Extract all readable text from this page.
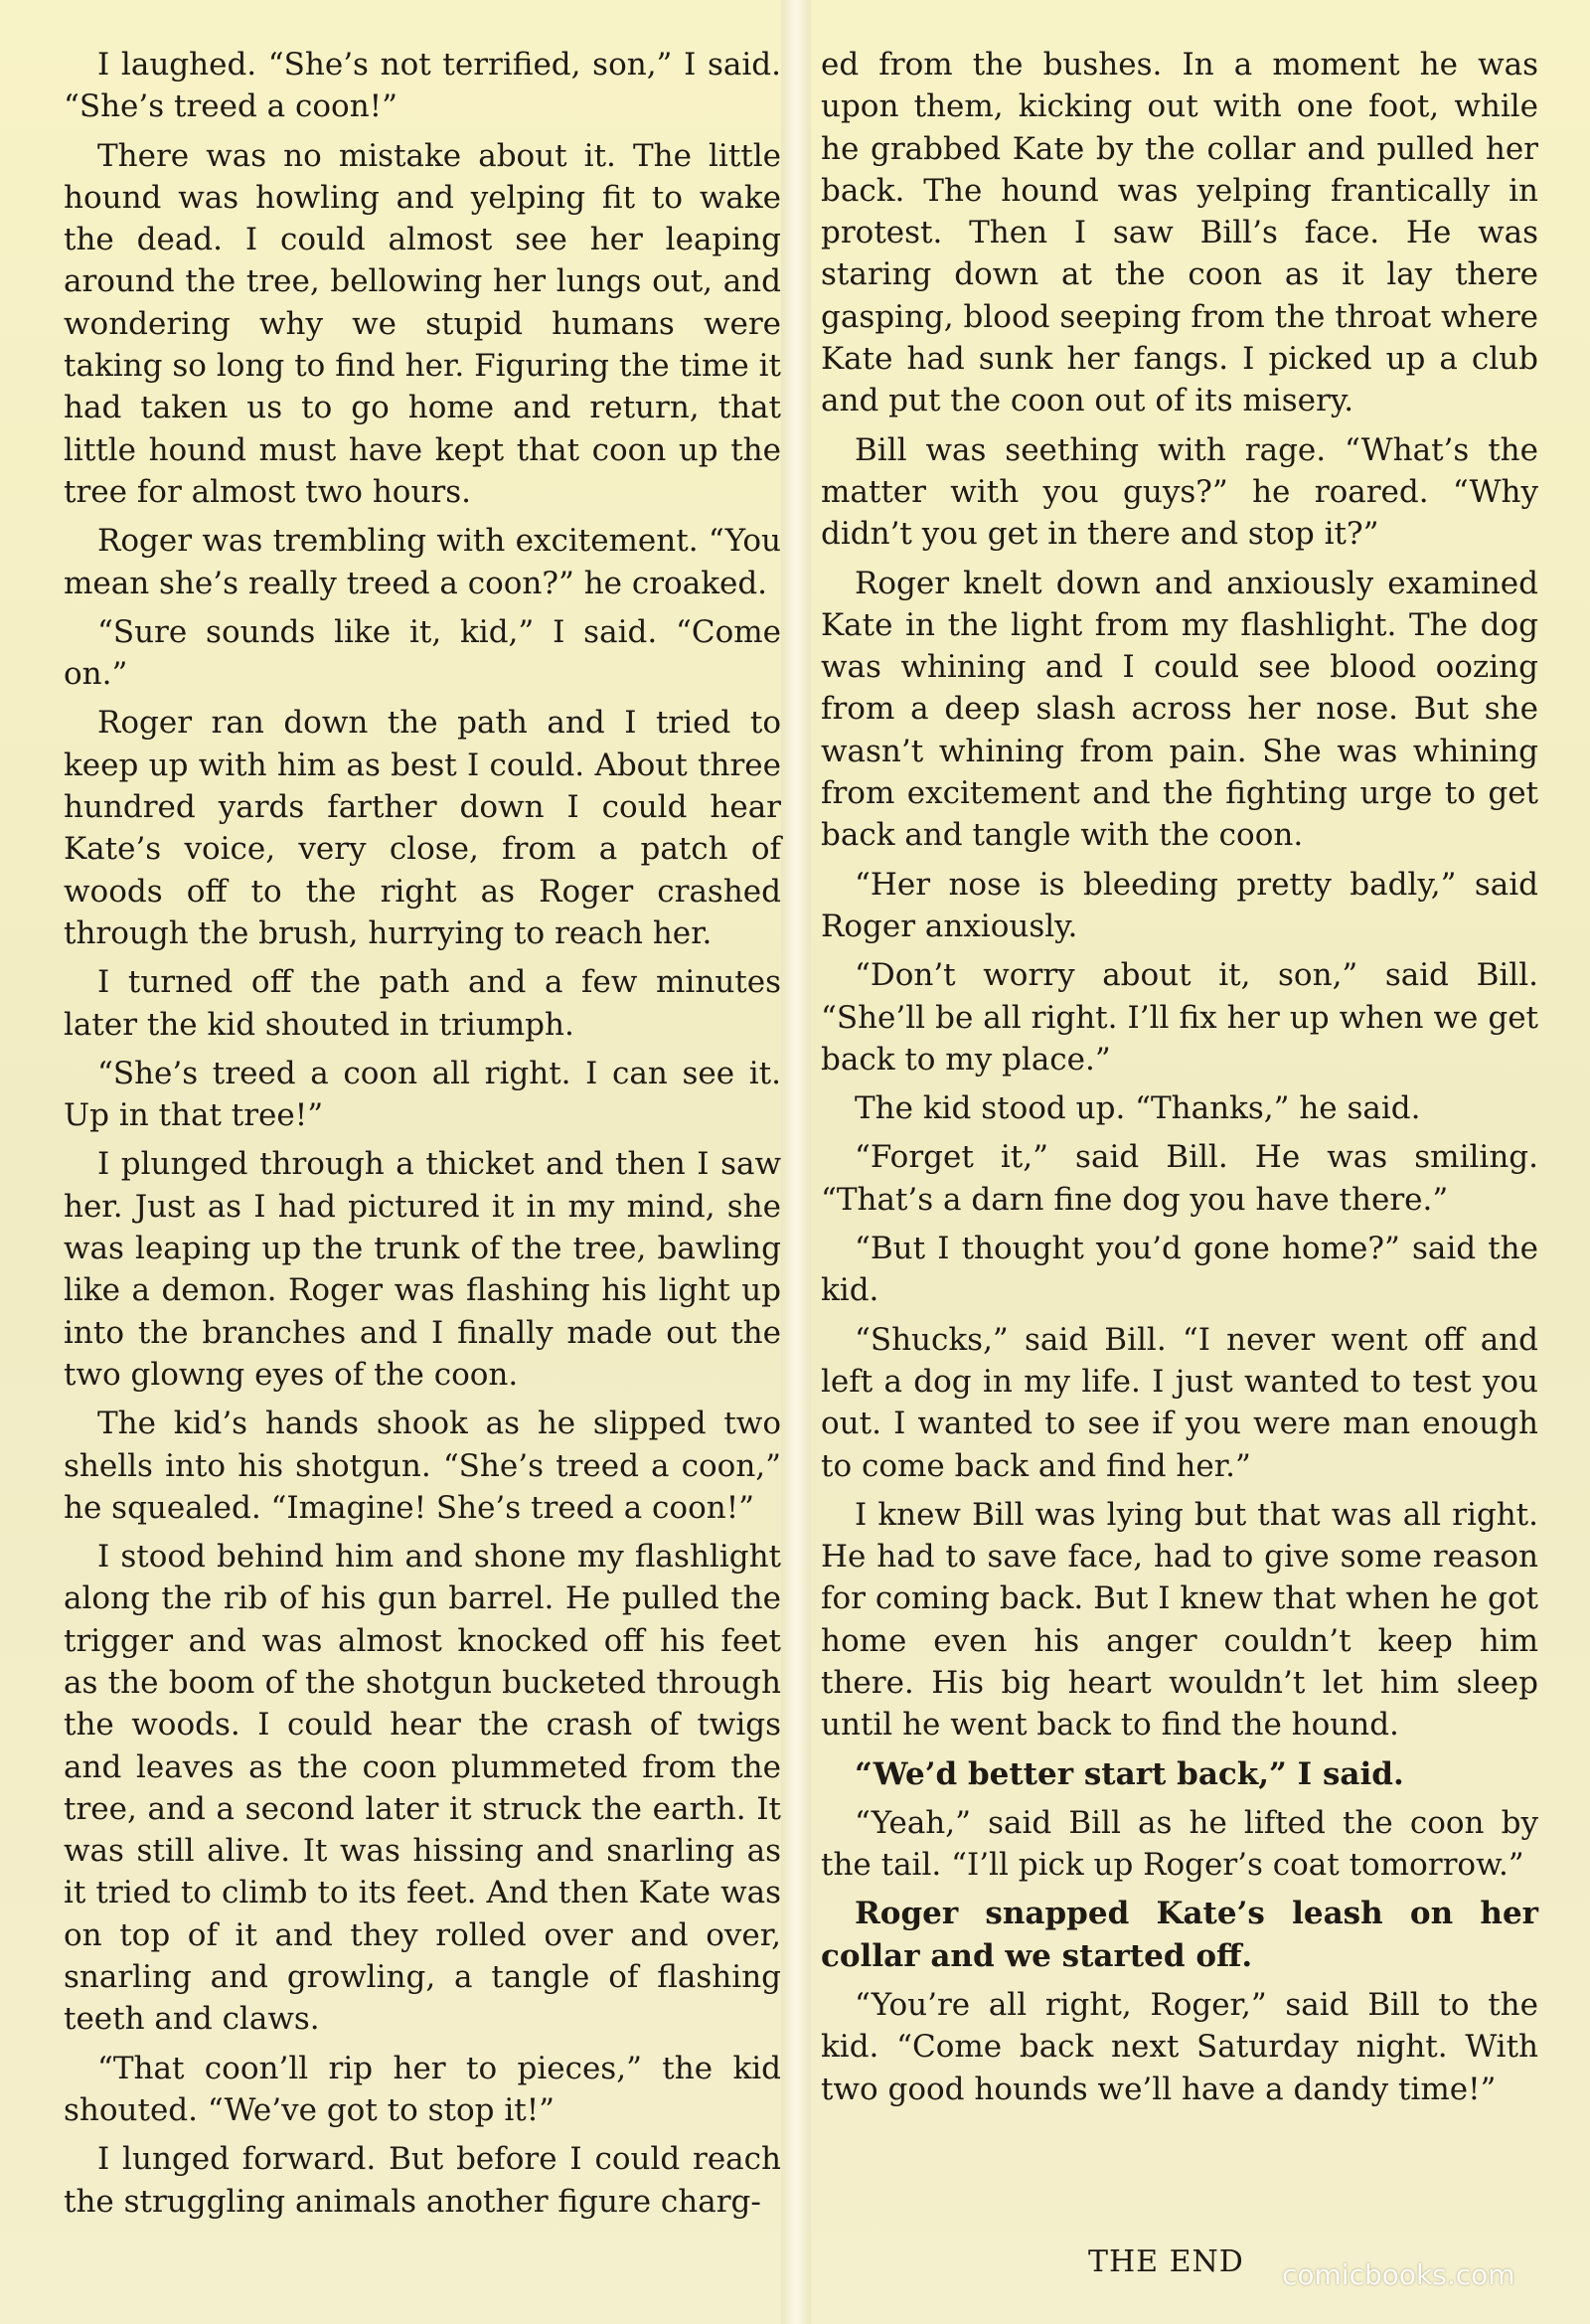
I laughed. “She’s not terrified, son,” I said. “She’s treed a coon!”

There was no mistake about it. The little hound was howling and yelping fit to wake the dead. I could almost see her leaping around the tree, bellowing her lungs out, and wondering why we stupid humans were taking so long to find her. Figuring the time it had taken us to go home and return, that little hound must have kept that coon up the tree for almost two hours.

Roger was trembling with excitement. “You mean she’s really treed a coon?” he croaked.

“Sure sounds like it, kid,” I said. “Come on.”

Roger ran down the path and I tried to keep up with him as best I could. About three hundred yards farther down I could hear Kate’s voice, very close, from a patch of woods off to the right as Roger crashed through the brush, hurrying to reach her.

I turned off the path and a few minutes later the kid shouted in triumph.

“She’s treed a coon all right. I can see it. Up in that tree!”

I plunged through a thicket and then I saw her. Just as I had pictured it in my mind, she was leaping up the trunk of the tree, bawling like a demon. Roger was flashing his light up into the branches and I finally made out the two glowng eyes of the coon.

The kid’s hands shook as he slipped two shells into his shotgun. “She’s treed a coon,” he squealed. “Imagine! She’s treed a coon!”

I stood behind him and shone my flashlight along the rib of his gun barrel. He pulled the trigger and was almost knocked off his feet as the boom of the shotgun bucketed through the woods. I could hear the crash of twigs and leaves as the coon plummeted from the tree, and a second later it struck the earth. It was still alive. It was hissing and snarling as it tried to climb to its feet. And then Kate was on top of it and they rolled over and over, snarling and growling, a tangle of flashing teeth and claws.

“That coon’ll rip her to pieces,” the kid shouted. “We’ve got to stop it!”

I lunged forward. But before I could reach the struggling animals another figure charg-

ed from the bushes. In a moment he was upon them, kicking out with one foot, while he grabbed Kate by the collar and pulled her back. The hound was yelping frantically in protest. Then I saw Bill’s face. He was staring down at the coon as it lay there gasping, blood seeping from the throat where Kate had sunk her fangs. I picked up a club and put the coon out of its misery.

Bill was seething with rage. “What’s the matter with you guys?” he roared. “Why didn’t you get in there and stop it?”

Roger knelt down and anxiously examined Kate in the light from my flashlight. The dog was whining and I could see blood oozing from a deep slash across her nose. But she wasn’t whining from pain. She was whining from excitement and the fighting urge to get back and tangle with the coon.

“Her nose is bleeding pretty badly,” said Roger anxiously.

“Don’t worry about it, son,” said Bill. “She’ll be all right. I’ll fix her up when we get back to my place.”

The kid stood up. “Thanks,” he said.

“Forget it,” said Bill. He was smiling. “That’s a darn fine dog you have there.”

“But I thought you’d gone home?” said the kid.

“Shucks,” said Bill. “I never went off and left a dog in my life. I just wanted to test you out. I wanted to see if you were man enough to come back and find her.”

I knew Bill was lying but that was all right. He had to save face, had to give some reason for coming back. But I knew that when he got home even his anger couldn’t keep him there. His big heart wouldn’t let him sleep until he went back to find the hound.

“We’d better start back,” I said.

“Yeah,” said Bill as he lifted the coon by the tail. “I’ll pick up Roger’s coat tomorrow.”

Roger snapped Kate’s leash on her collar and we started off.

“You’re all right, Roger,” said Bill to the kid. “Come back next Saturday night. With two good hounds we’ll have a dandy time!”

THE END comicbooks.com
